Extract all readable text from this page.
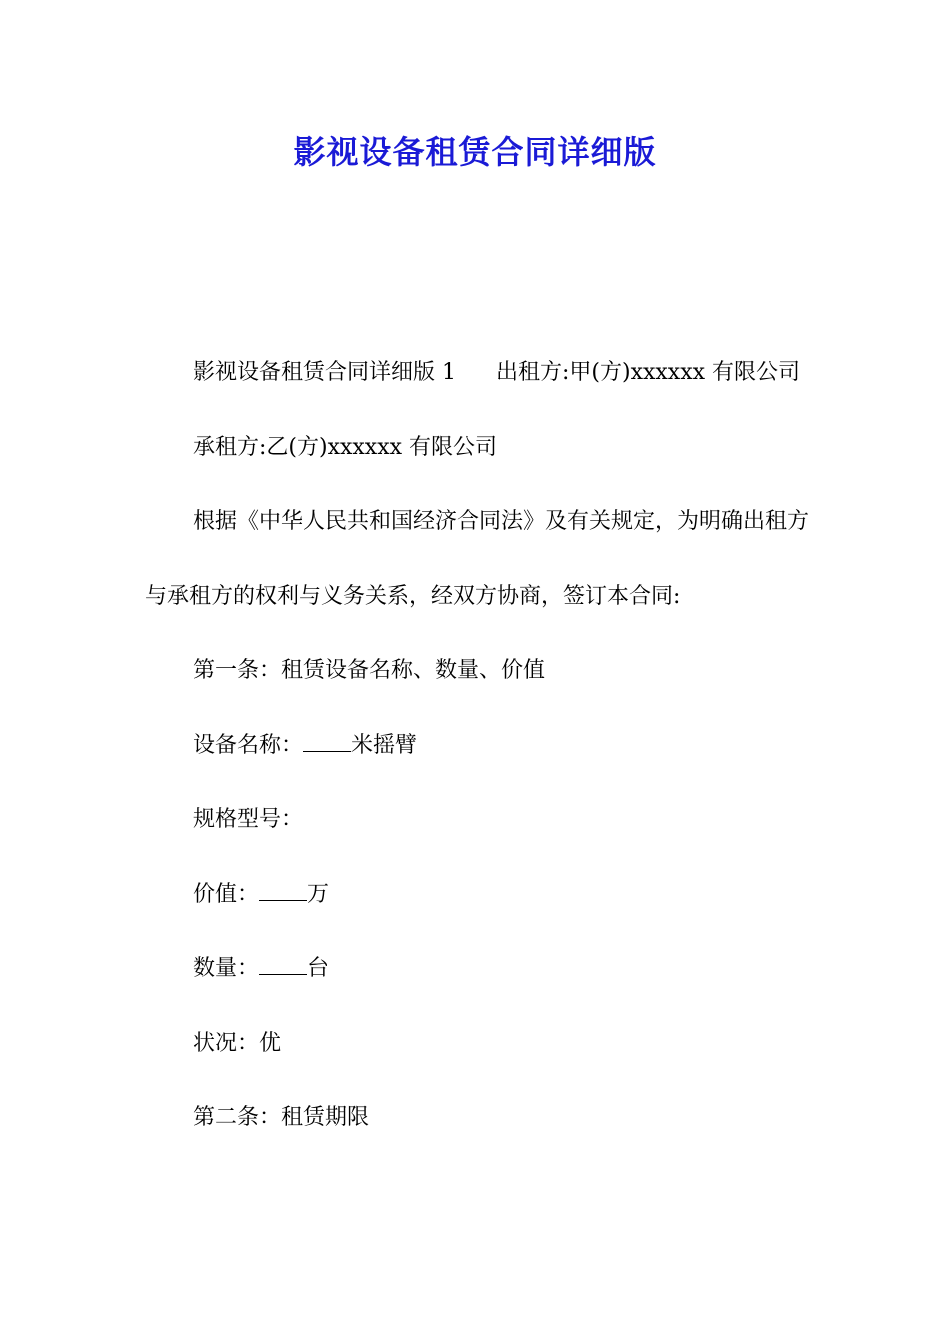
影视设备租赁合同详细版

影视设备租赁合同详细版 1 出租方:甲(方)xxxxxx 有限公司

承租方:乙(方)xxxxxx 有限公司

根据《中华人民共和国经济合同法》及有关规定，为明确出租方与承租方的权利与义务关系，经双方协商，签订本合同:

第一条：租赁设备名称、数量、价值

设备名称： 米摇臂

规格型号：

价值： 万

数量： 台

状况：优

第二条：租赁期限
